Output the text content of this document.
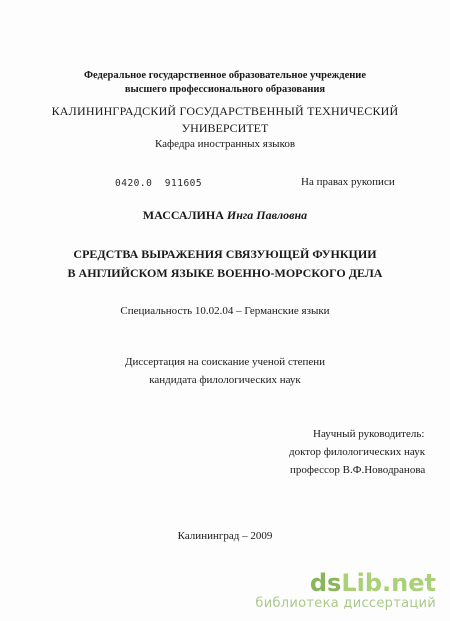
Федеральное государственное образовательное учреждение
высшего профессионального образования
КАЛИНИНГРАДСКИЙ ГОСУДАРСТВЕННЫЙ ТЕХНИЧЕСКИЙ
УНИВЕРСИТЕТ
Кафедра иностранных языков
0420.0 911605	На правах рукописи
МАССАЛИНА Инга Павловна
СРЕДСТВА ВЫРАЖЕНИЯ СВЯЗУЮЩЕЙ ФУНКЦИИ
В АНГЛИЙСКОМ ЯЗЫКЕ ВОЕННО-МОРСКОГО ДЕЛА
Специальность 10.02.04 – Германские языки
Диссертация на соискание ученой степени
кандидата филологических наук
Научный руководитель:
доктор филологических наук
профессор В.Ф.Новодранова
Калининград – 2009
dsLib.net
библиотека диссертаций
